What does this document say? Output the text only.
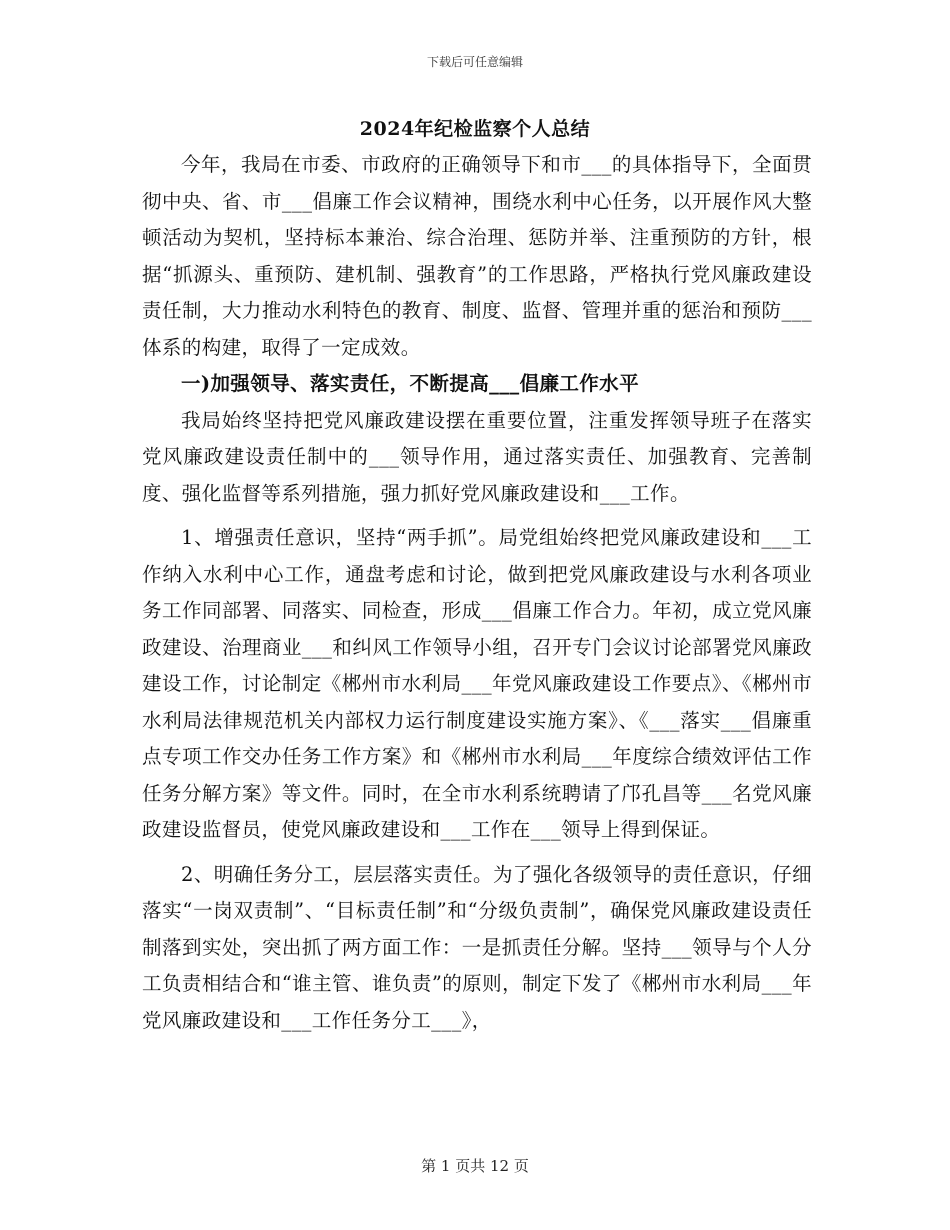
下载后可任意编辑
2024年纪检监察个人总结

今年，我局在市委、市政府的正确领导下和市___的具体指导下，全面贯彻中央、省、市___倡廉工作会议精神，围绕水利中心任务，以开展作风大整顿活动为契机，坚持标本兼治、综合治理、惩防并举、注重预防的方针，根据“抓源头、重预防、建机制、强教育”的工作思路，严格执行党风廉政建设责任制，大力推动水利特色的教育、制度、监督、管理并重的惩治和预防___体系的构建，取得了一定成效。

一)加强领导、落实责任，不断提高___倡廉工作水平

我局始终坚持把党风廉政建设摆在重要位置，注重发挥领导班子在落实党风廉政建设责任制中的___领导作用，通过落实责任、加强教育、完善制度、强化监督等系列措施，强力抓好党风廉政建设和___工作。

1、增强责任意识，坚持“两手抓”。局党组始终把党风廉政建设和___工作纳入水利中心工作，通盘考虑和讨论，做到把党风廉政建设与水利各项业务工作同部署、同落实、同检查，形成___倡廉工作合力。年初，成立党风廉政建设、治理商业___和纠风工作领导小组，召开专门会议讨论部署党风廉政建设工作，讨论制定《郴州市水利局___年党风廉政建设工作要点》、《郴州市水利局法律规范机关内部权力运行制度建设实施方案》、《___落实___倡廉重点专项工作交办任务工作方案》和《郴州市水利局___年度综合绩效评估工作任务分解方案》等文件。同时，在全市水利系统聘请了邝孔昌等___名党风廉政建设监督员，使党风廉政建设和___工作在___领导上得到保证。

2、明确任务分工，层层落实责任。为了强化各级领导的责任意识，仔细落实“一岗双责制”、“目标责任制”和“分级负责制”，确保党风廉政建设责任制落到实处，突出抓了两方面工作：一是抓责任分解。坚持___领导与个人分工负责相结合和“谁主管、谁负责”的原则，制定下发了《郴州市水利局___年党风廉政建设和___工作任务分工___》，

第 1 页共 12 页
